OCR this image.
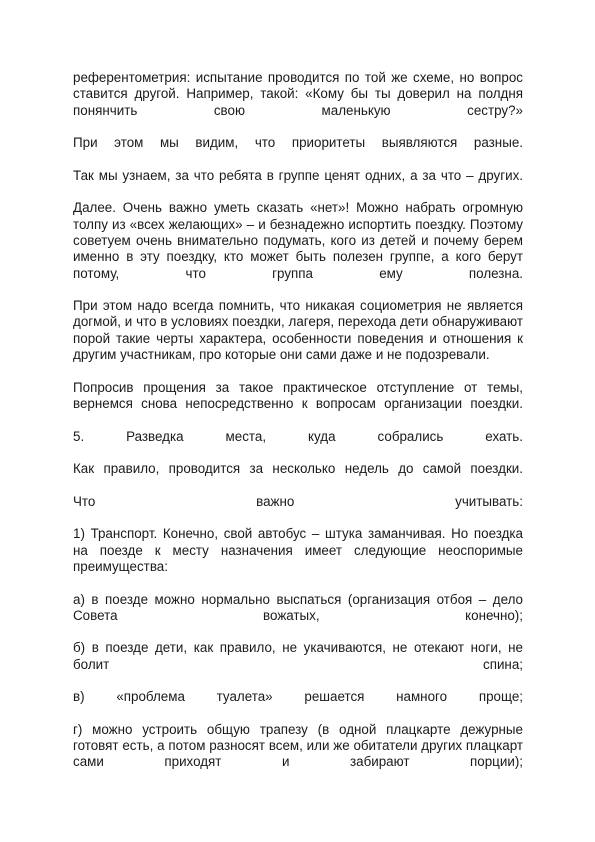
референтометрия: испытание проводится по той же схеме, но вопрос ставится другой. Например, такой: «Кому бы ты доверил на полдня понянчить свою маленькую сестру?»

При этом мы видим, что приоритеты выявляются разные.

Так мы узнаем, за что ребята в группе ценят одних, а за что – других.

Далее. Очень важно уметь сказать «нет»! Можно набрать огромную толпу из «всех желающих» – и безнадежно испортить поездку. Поэтому советуем очень внимательно подумать, кого из детей и почему берем именно в эту поездку, кто может быть полезен группе, а кого берут потому, что группа ему полезна.

При этом надо всегда помнить, что никакая социометрия не является догмой, и что в условиях поездки, лагеря, перехода дети обнаруживают порой такие черты характера, особенности поведения и отношения к другим участникам, про которые они сами даже и не подозревали.

Попросив прощения за такое практическое отступление от темы, вернемся снова непосредственно к вопросам организации поездки.

5. Разведка места, куда собрались ехать.

Как правило, проводится за несколько недель до самой поездки.

Что важно учитывать:

1) Транспорт. Конечно, свой автобус – штука заманчивая. Но поездка на поезде к месту назначения имеет следующие неоспоримые преимущества:

а) в поезде можно нормально выспаться (организация отбоя – дело Совета вожатых, конечно);

б) в поезде дети, как правило, не укачиваются, не отекают ноги, не болит спина;

в) «проблема туалета» решается намного проще;

г) можно устроить общую трапезу (в одной плацкарте дежурные готовят есть, а потом разносят всем, или же обитатели других плацкарт сами приходят и забирают порции);
